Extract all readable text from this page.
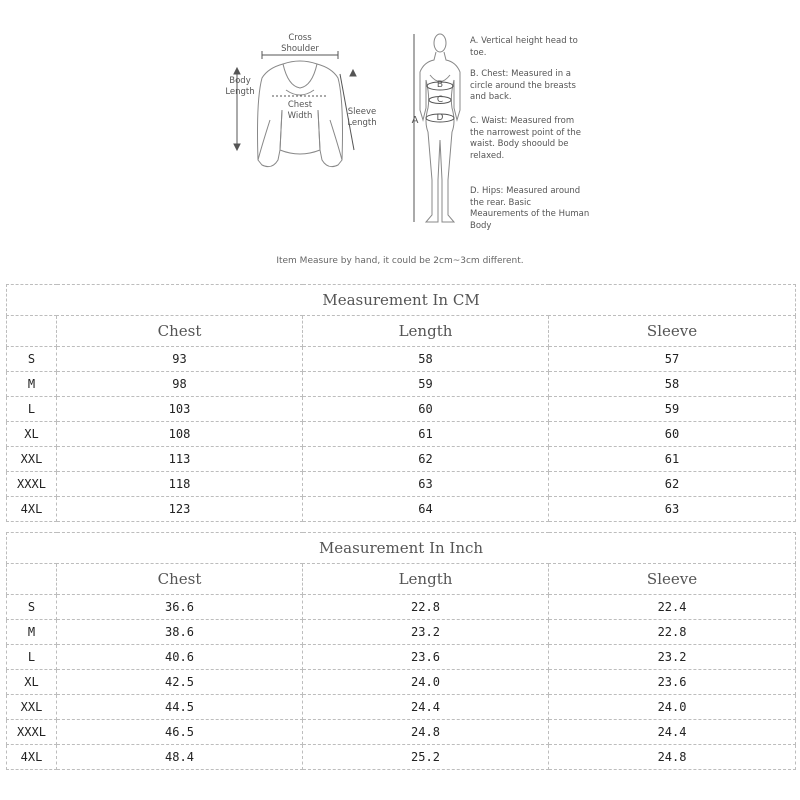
Cross
Shoulder
Body
Length
Chest
Width	Sleeve
Length	A
B
C
D
A. Vertical height head to toe.
B. Chest: Measured in a circle around the breasts and back.
C. Waist: Measured from the narrowest point of the waist. Body shoould be relaxed.
D. Hips: Measured around the rear. Basic Meaurements of the Human Body
Item Measure by hand, it could be 2cm~3cm different.
Measurement In CM			
	Chest	Length	Sleeve
S	93	58	57
M	98	59	58
L	103	60	59
XL	108	61	60
XXL	113	62	61
XXXL	118	63	62
4XL	123	64	63
Measurement In Inch			
	Chest	Length	Sleeve
S	36.6	22.8	22.4
M	38.6	23.2	22.8
L	40.6	23.6	23.2
XL	42.5	24.0	23.6
XXL	44.5	24.4	24.0
XXXL	46.5	24.8	24.4
4XL	48.4	25.2	24.8
